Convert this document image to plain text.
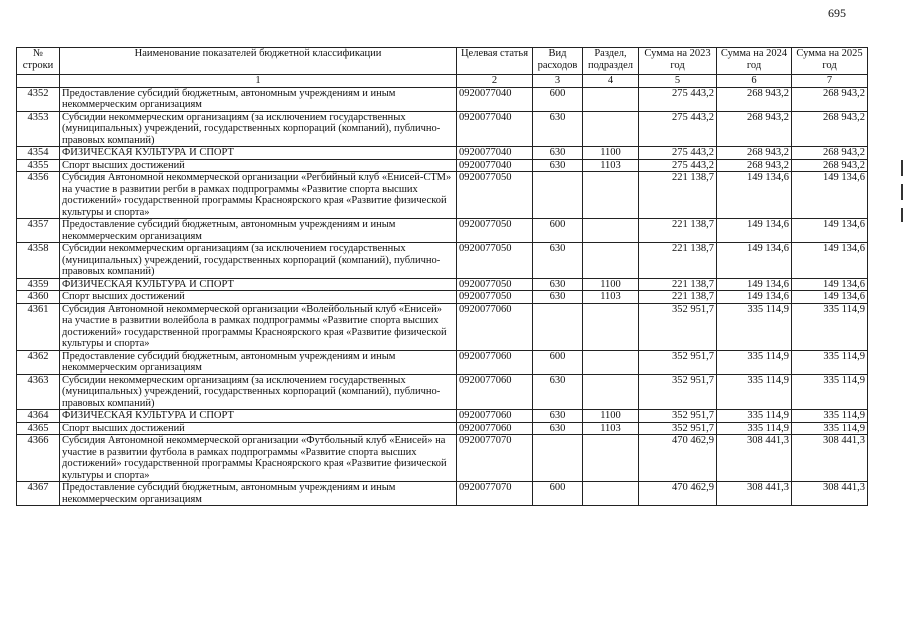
695
№ строки	Наименование показателей бюджетной классификации	Целевая статья	Вид расходов	Раздел, подраздел	Сумма на 2023 год	Сумма на 2024 год	Сумма на 2025 год
	1	2	3	4	5	6	7
4352	Предоставление субсидий бюджетным, автономным учреждениям и иным некоммерческим организациям	0920077040	600		275 443,2	268 943,2	268 943,2
4353	Субсидии некоммерческим организациям (за исключением государственных (муниципальных) учреждений, государственных корпораций (компаний), публично-правовых компаний)	0920077040	630		275 443,2	268 943,2	268 943,2
4354	ФИЗИЧЕСКАЯ КУЛЬТУРА И СПОРТ	0920077040	630	1100	275 443,2	268 943,2	268 943,2
4355	Спорт высших достижений	0920077040	630	1103	275 443,2	268 943,2	268 943,2
4356	Субсидия Автономной некоммерческой организации «Регбийный клуб «Енисей-СТМ» на участие в развитии регби в рамках подпрограммы «Развитие спорта высших достижений» государственной программы Красноярского края «Развитие физической культуры и спорта»	0920077050			221 138,7	149 134,6	149 134,6
4357	Предоставление субсидий бюджетным, автономным учреждениям и иным некоммерческим организациям	0920077050	600		221 138,7	149 134,6	149 134,6
4358	Субсидии некоммерческим организациям (за исключением государственных (муниципальных) учреждений, государственных корпораций (компаний), публично-правовых компаний)	0920077050	630		221 138,7	149 134,6	149 134,6
4359	ФИЗИЧЕСКАЯ КУЛЬТУРА И СПОРТ	0920077050	630	1100	221 138,7	149 134,6	149 134,6
4360	Спорт высших достижений	0920077050	630	1103	221 138,7	149 134,6	149 134,6
4361	Субсидия Автономной некоммерческой организации «Волейбольный клуб «Енисей» на участие в развитии волейбола в рамках подпрограммы «Развитие спорта высших достижений» государственной программы Красноярского края «Развитие физической культуры и спорта»	0920077060			352 951,7	335 114,9	335 114,9
4362	Предоставление субсидий бюджетным, автономным учреждениям и иным некоммерческим организациям	0920077060	600		352 951,7	335 114,9	335 114,9
4363	Субсидии некоммерческим организациям (за исключением государственных (муниципальных) учреждений, государственных корпораций (компаний), публично-правовых компаний)	0920077060	630		352 951,7	335 114,9	335 114,9
4364	ФИЗИЧЕСКАЯ КУЛЬТУРА И СПОРТ	0920077060	630	1100	352 951,7	335 114,9	335 114,9
4365	Спорт высших достижений	0920077060	630	1103	352 951,7	335 114,9	335 114,9
4366	Субсидия Автономной некоммерческой организации «Футбольный клуб «Енисей» на участие в развитии футбола в рамках подпрограммы «Развитие спорта высших достижений» государственной программы Красноярского края «Развитие физической культуры и спорта»	0920077070			470 462,9	308 441,3	308 441,3
4367	Предоставление субсидий бюджетным, автономным учреждениям и иным некоммерческим организациям	0920077070	600		470 462,9	308 441,3	308 441,3
